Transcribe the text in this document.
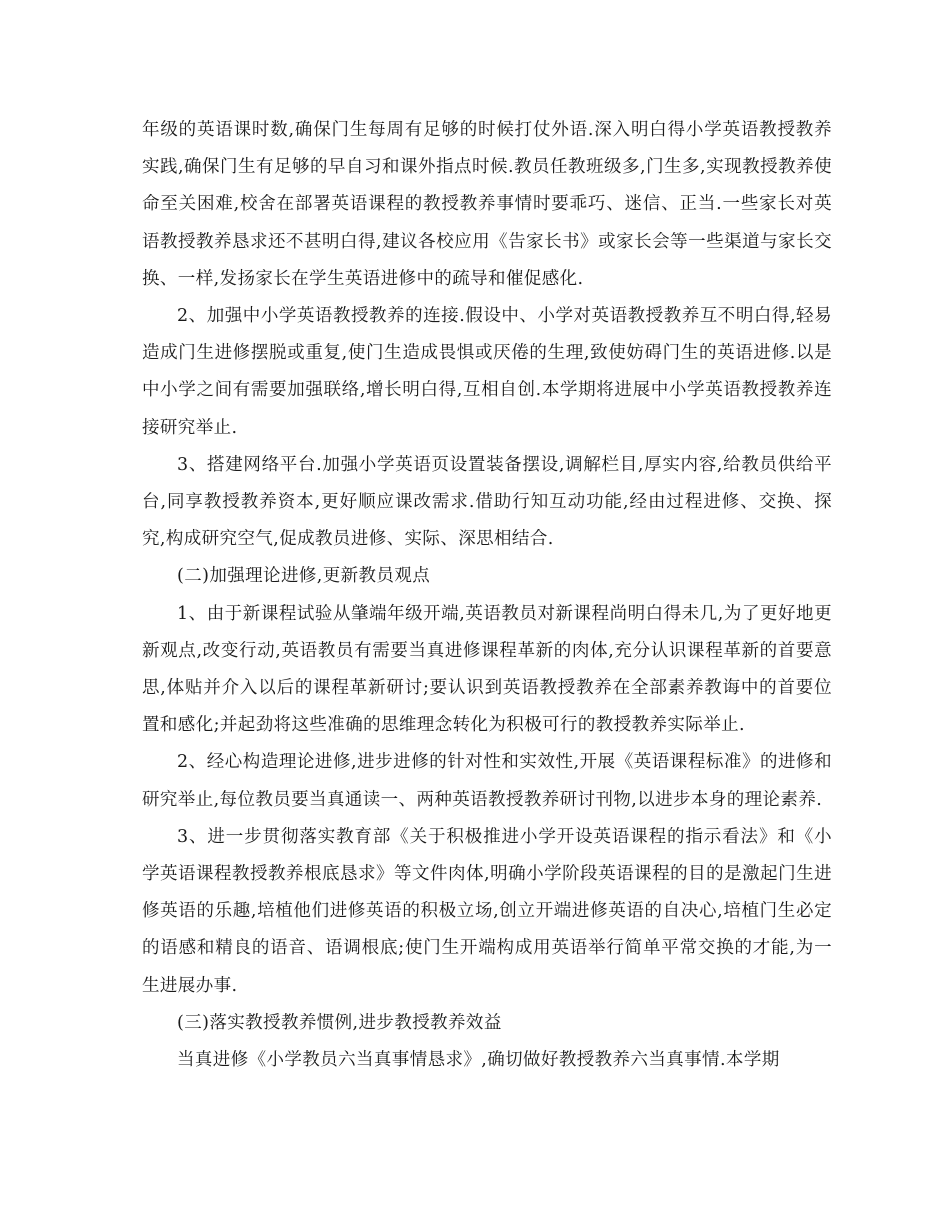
年级的英语课时数,确保门生每周有足够的时候打仗外语.深入明白得小学英语教授教养实践,确保门生有足够的早自习和课外指点时候.教员任教班级多,门生多,实现教授教养使命至关困难,校舍在部署英语课程的教授教养事情时要乖巧、迷信、正当.一些家长对英语教授教养恳求还不甚明白得,建议各校应用《告家长书》或家长会等一些渠道与家长交换、一样,发扬家长在学生英语进修中的疏导和催促感化.

2、加强中小学英语教授教养的连接.假设中、小学对英语教授教养互不明白得,轻易造成门生进修摆脱或重复,使门生造成畏惧或厌倦的生理,致使妨碍门生的英语进修.以是中小学之间有需要加强联络,增长明白得,互相自创.本学期将进展中小学英语教授教养连接研究举止.

3、搭建网络平台.加强小学英语页设置装备摆设,调解栏目,厚实内容,给教员供给平台,同享教授教养资本,更好顺应课改需求.借助行知互动功能,经由过程进修、交换、探究,构成研究空气,促成教员进修、实际、深思相结合.

(二)加强理论进修,更新教员观点

1、由于新课程试验从肇端年级开端,英语教员对新课程尚明白得未几,为了更好地更新观点,改变行动,英语教员有需要当真进修课程革新的肉体,充分认识课程革新的首要意思,体贴并介入以后的课程革新研讨;要认识到英语教授教养在全部素养教诲中的首要位置和感化;并起劲将这些准确的思维理念转化为积极可行的教授教养实际举止.

2、经心构造理论进修,进步进修的针对性和实效性,开展《英语课程标准》的进修和研究举止,每位教员要当真通读一、两种英语教授教养研讨刊物,以进步本身的理论素养.

3、进一步贯彻落实教育部《关于积极推进小学开设英语课程的指示看法》和《小学英语课程教授教养根底恳求》等文件肉体,明确小学阶段英语课程的目的是激起门生进修英语的乐趣,培植他们进修英语的积极立场,创立开端进修英语的自决心,培植门生必定的语感和精良的语音、语调根底;使门生开端构成用英语举行简单平常交换的才能,为一生进展办事.

(三)落实教授教养惯例,进步教授教养效益

当真进修《小学教员六当真事情恳求》,确切做好教授教养六当真事情.本学期
